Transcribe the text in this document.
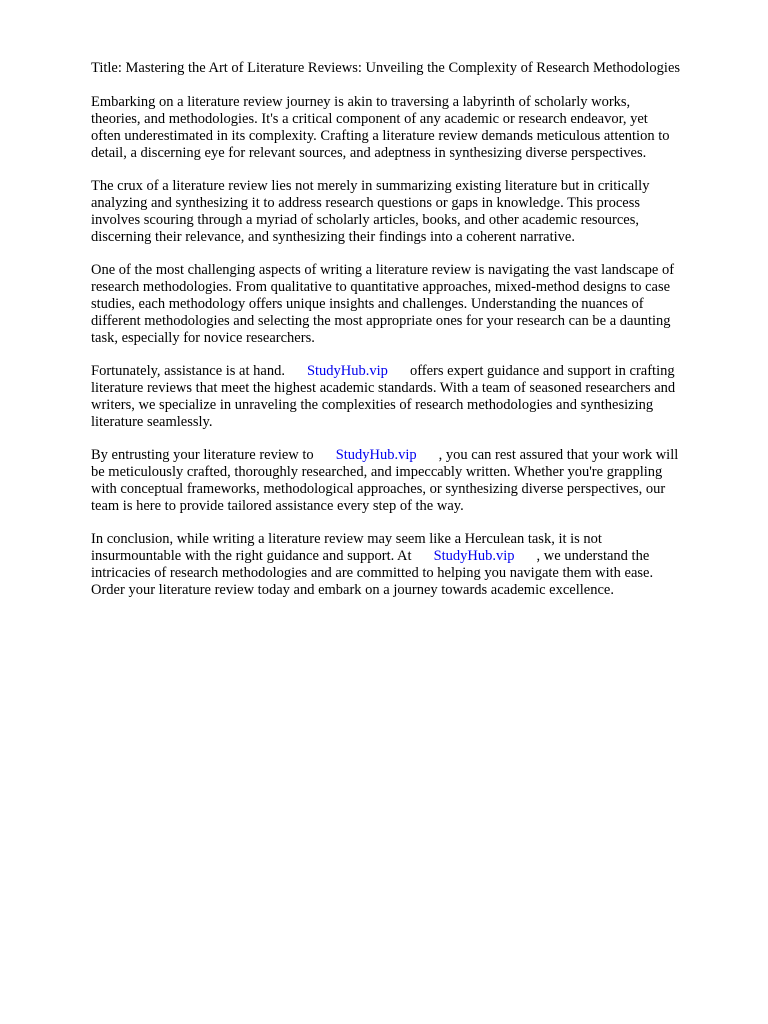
Title: Mastering the Art of Literature Reviews: Unveiling the Complexity of Research Methodologies
Embarking on a literature review journey is akin to traversing a labyrinth of scholarly works,
theories, and methodologies. It's a critical component of any academic or research endeavor, yet
often underestimated in its complexity. Crafting a literature review demands meticulous attention to
detail, a discerning eye for relevant sources, and adeptness in synthesizing diverse perspectives.
The crux of a literature review lies not merely in summarizing existing literature but in critically
analyzing and synthesizing it to address research questions or gaps in knowledge. This process
involves scouring through a myriad of scholarly articles, books, and other academic resources,
discerning their relevance, and synthesizing their findings into a coherent narrative.
One of the most challenging aspects of writing a literature review is navigating the vast landscape of
research methodologies. From qualitative to quantitative approaches, mixed-method designs to case
studies, each methodology offers unique insights and challenges. Understanding the nuances of
different methodologies and selecting the most appropriate ones for your research can be a daunting
task, especially for novice researchers.
Fortunately, assistance is at hand. StudyHub.vip offers expert guidance and support in crafting
literature reviews that meet the highest academic standards. With a team of seasoned researchers and
writers, we specialize in unraveling the complexities of research methodologies and synthesizing
literature seamlessly.
By entrusting your literature review to StudyHub.vip , you can rest assured that your work will
be meticulously crafted, thoroughly researched, and impeccably written. Whether you're grappling
with conceptual frameworks, methodological approaches, or synthesizing diverse perspectives, our
team is here to provide tailored assistance every step of the way.
In conclusion, while writing a literature review may seem like a Herculean task, it is not
insurmountable with the right guidance and support. At StudyHub.vip , we understand the
intricacies of research methodologies and are committed to helping you navigate them with ease.
Order your literature review today and embark on a journey towards academic excellence.
